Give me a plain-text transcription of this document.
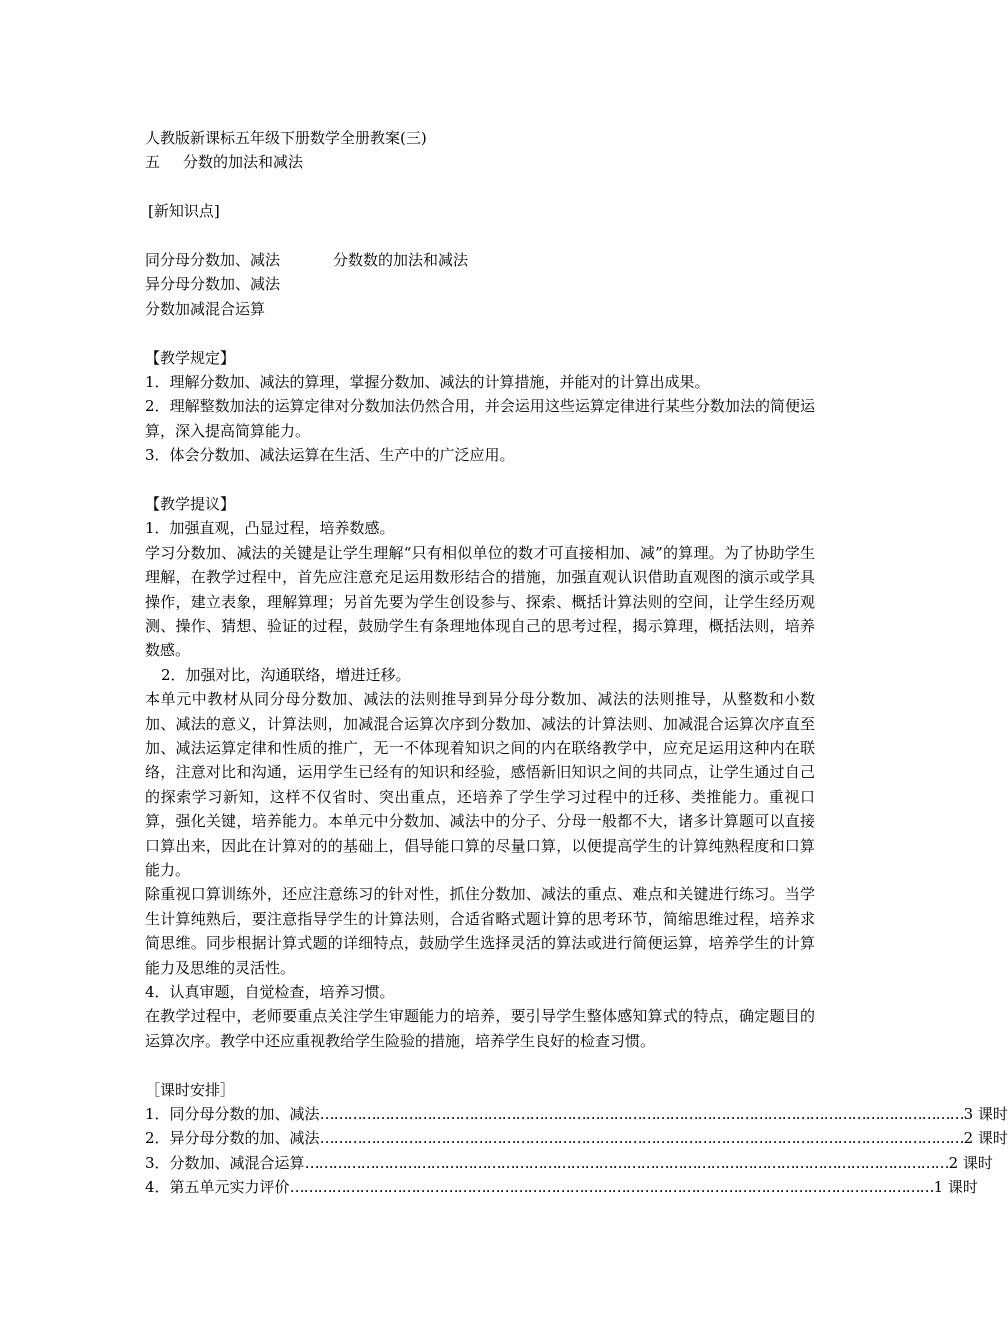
人教版新课标五年级下册数学全册教案(三)
五 分数的加法和减法
[新知识点]
同分母分数加、减法	分数数的加法和减法
异分母分数加、减法
分数加减混合运算
【教学规定】
1．理解分数加、减法的算理，掌握分数加、减法的计算措施，并能对的计算出成果。
2．理解整数加法的运算定律对分数加法仍然合用，并会运用这些运算定律进行某些分数加法的简便运算，深入提高简算能力。
3．体会分数加、减法运算在生活、生产中的广泛应用。
【教学提议】
1．加强直观，凸显过程，培养数感。
学习分数加、减法的关键是让学生理解“只有相似单位的数才可直接相加、减”的算理。为了协助学生理解，在教学过程中，首先应注意充足运用数形结合的措施，加强直观认识借助直观图的演示或学具操作，建立表象，理解算理；另首先要为学生创设参与、探索、概括计算法则的空间，让学生经历观测、操作、猜想、验证的过程，鼓励学生有条理地体现自己的思考过程，揭示算理，概括法则，培养数感。
2．加强对比，沟通联络，增进迁移。
本单元中教材从同分母分数加、减法的法则推导到异分母分数加、减法的法则推导，从整数和小数加、减法的意义，计算法则，加减混合运算次序到分数加、减法的计算法则、加减混合运算次序直至加、减法运算定律和性质的推广，无一不体现着知识之间的内在联络教学中，应充足运用这种内在联络，注意对比和沟通，运用学生已经有的知识和经验，感悟新旧知识之间的共同点，让学生通过自己的探索学习新知，这样不仅省时、突出重点，还培养了学生学习过程中的迁移、类推能力。重视口算，强化关键，培养能力。本单元中分数加、减法中的分子、分母一般都不大，诸多计算题可以直接口算出来，因此在计算对的的基础上，倡导能口算的尽量口算，以便提高学生的计算纯熟程度和口算能力。
除重视口算训练外，还应注意练习的针对性，抓住分数加、减法的重点、难点和关键进行练习。当学生计算纯熟后，要注意指导学生的计算法则，合适省略式题计算的思考环节，简缩思维过程，培养求简思维。同步根据计算式题的详细特点，鼓励学生选择灵活的算法或进行简便运算，培养学生的计算能力及思维的灵活性。
4．认真审题，自觉检查，培养习惯。
在教学过程中，老师要重点关注学生审题能力的培养，要引导学生整体感知算式的特点，确定题目的运算次序。教学中还应重视教给学生险验的措施，培养学生良好的检查习惯。
［课时安排］
1． 同分母分数的加、减法 ………………………………………………………………………………………………………………………… 3 课时
2． 异分母分数的加、减法 ………………………………………………………………………………………………………………………… 2 课时
3． 分数加、减混合运算 ………………………………………………………………………………………………………………………… 2 课时
4． 第五单元实力评价 ………………………………………………………………………………………………………………………… 1 课时
